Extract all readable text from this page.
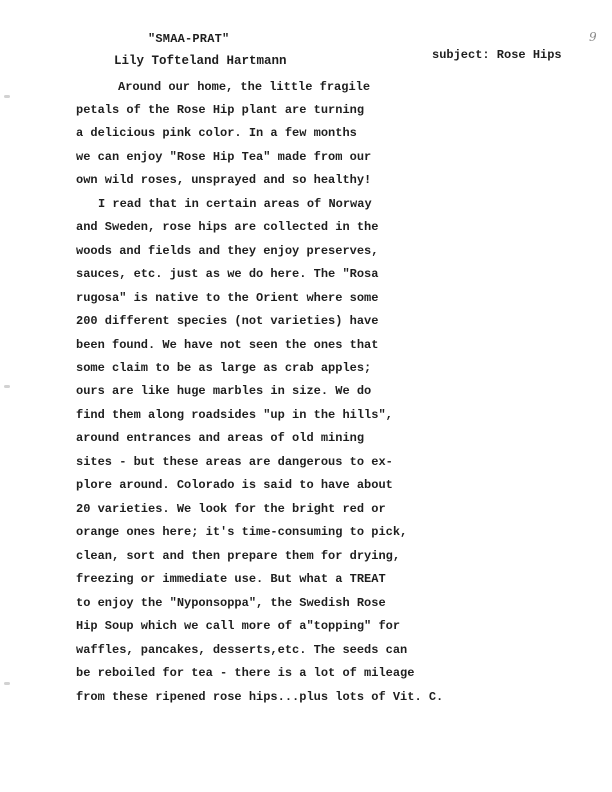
"SMAA-PRAT"
Lily Tofteland Hartmann	subject: Rose Hips
9
Around our home, the little fragile
petals of the Rose Hip plant are turning
a delicious pink color. In a few months
we can enjoy "Rose Hip Tea" made from our
own wild roses, unsprayed and so healthy!
I read that in certain areas of Norway
and Sweden, rose hips are collected in the
woods and fields and they enjoy preserves,
sauces, etc. just as we do here. The "Rosa
rugosa" is native to the Orient where some
200 different species (not varieties) have
been found. We have not seen the ones that
some claim to be as large as crab apples;
ours are like huge marbles in size. We do
find them along roadsides "up in the hills",
around entrances and areas of old mining
sites - but these areas are dangerous to ex-
plore around. Colorado is said to have about
20 varieties. We look for the bright red or
orange ones here; it's time-consuming to pick,
clean, sort and then prepare them for drying,
freezing or immediate use. But what a TREAT
to enjoy the "Nyponsoppa", the Swedish Rose
Hip Soup which we call more of a"topping" for
waffles, pancakes, desserts,etc. The seeds can
be reboiled for tea - there is a lot of mileage
from these ripened rose hips...plus lots of Vit. C.
